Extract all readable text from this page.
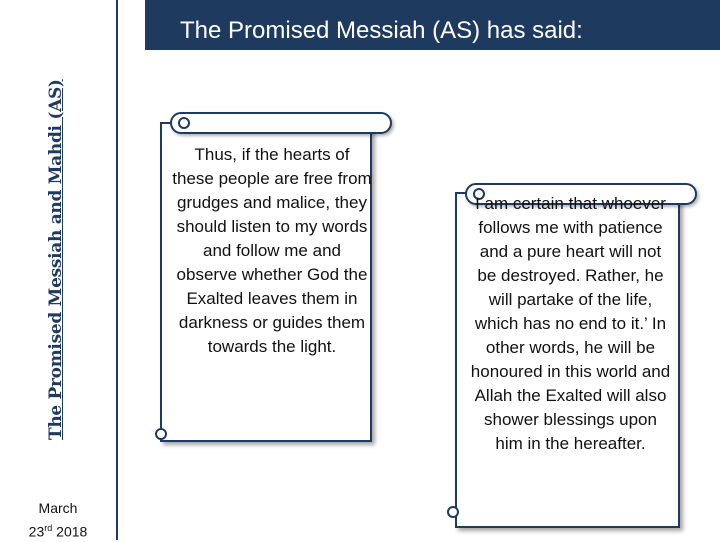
The Promised Messiah and Mahdi (AS)
March
23rd 2018
The Promised Messiah (AS) has said:
Thus, if the hearts of these people are free from grudges and malice, they should listen to my words and follow me and observe whether God the Exalted leaves them in darkness or guides them towards the light.
I am certain that whoever follows me with patience and a pure heart will not be destroyed. Rather, he will partake of the life, which has no end to it.’ In other words, he will be honoured in this world and Allah the Exalted will also shower blessings upon him in the hereafter.
